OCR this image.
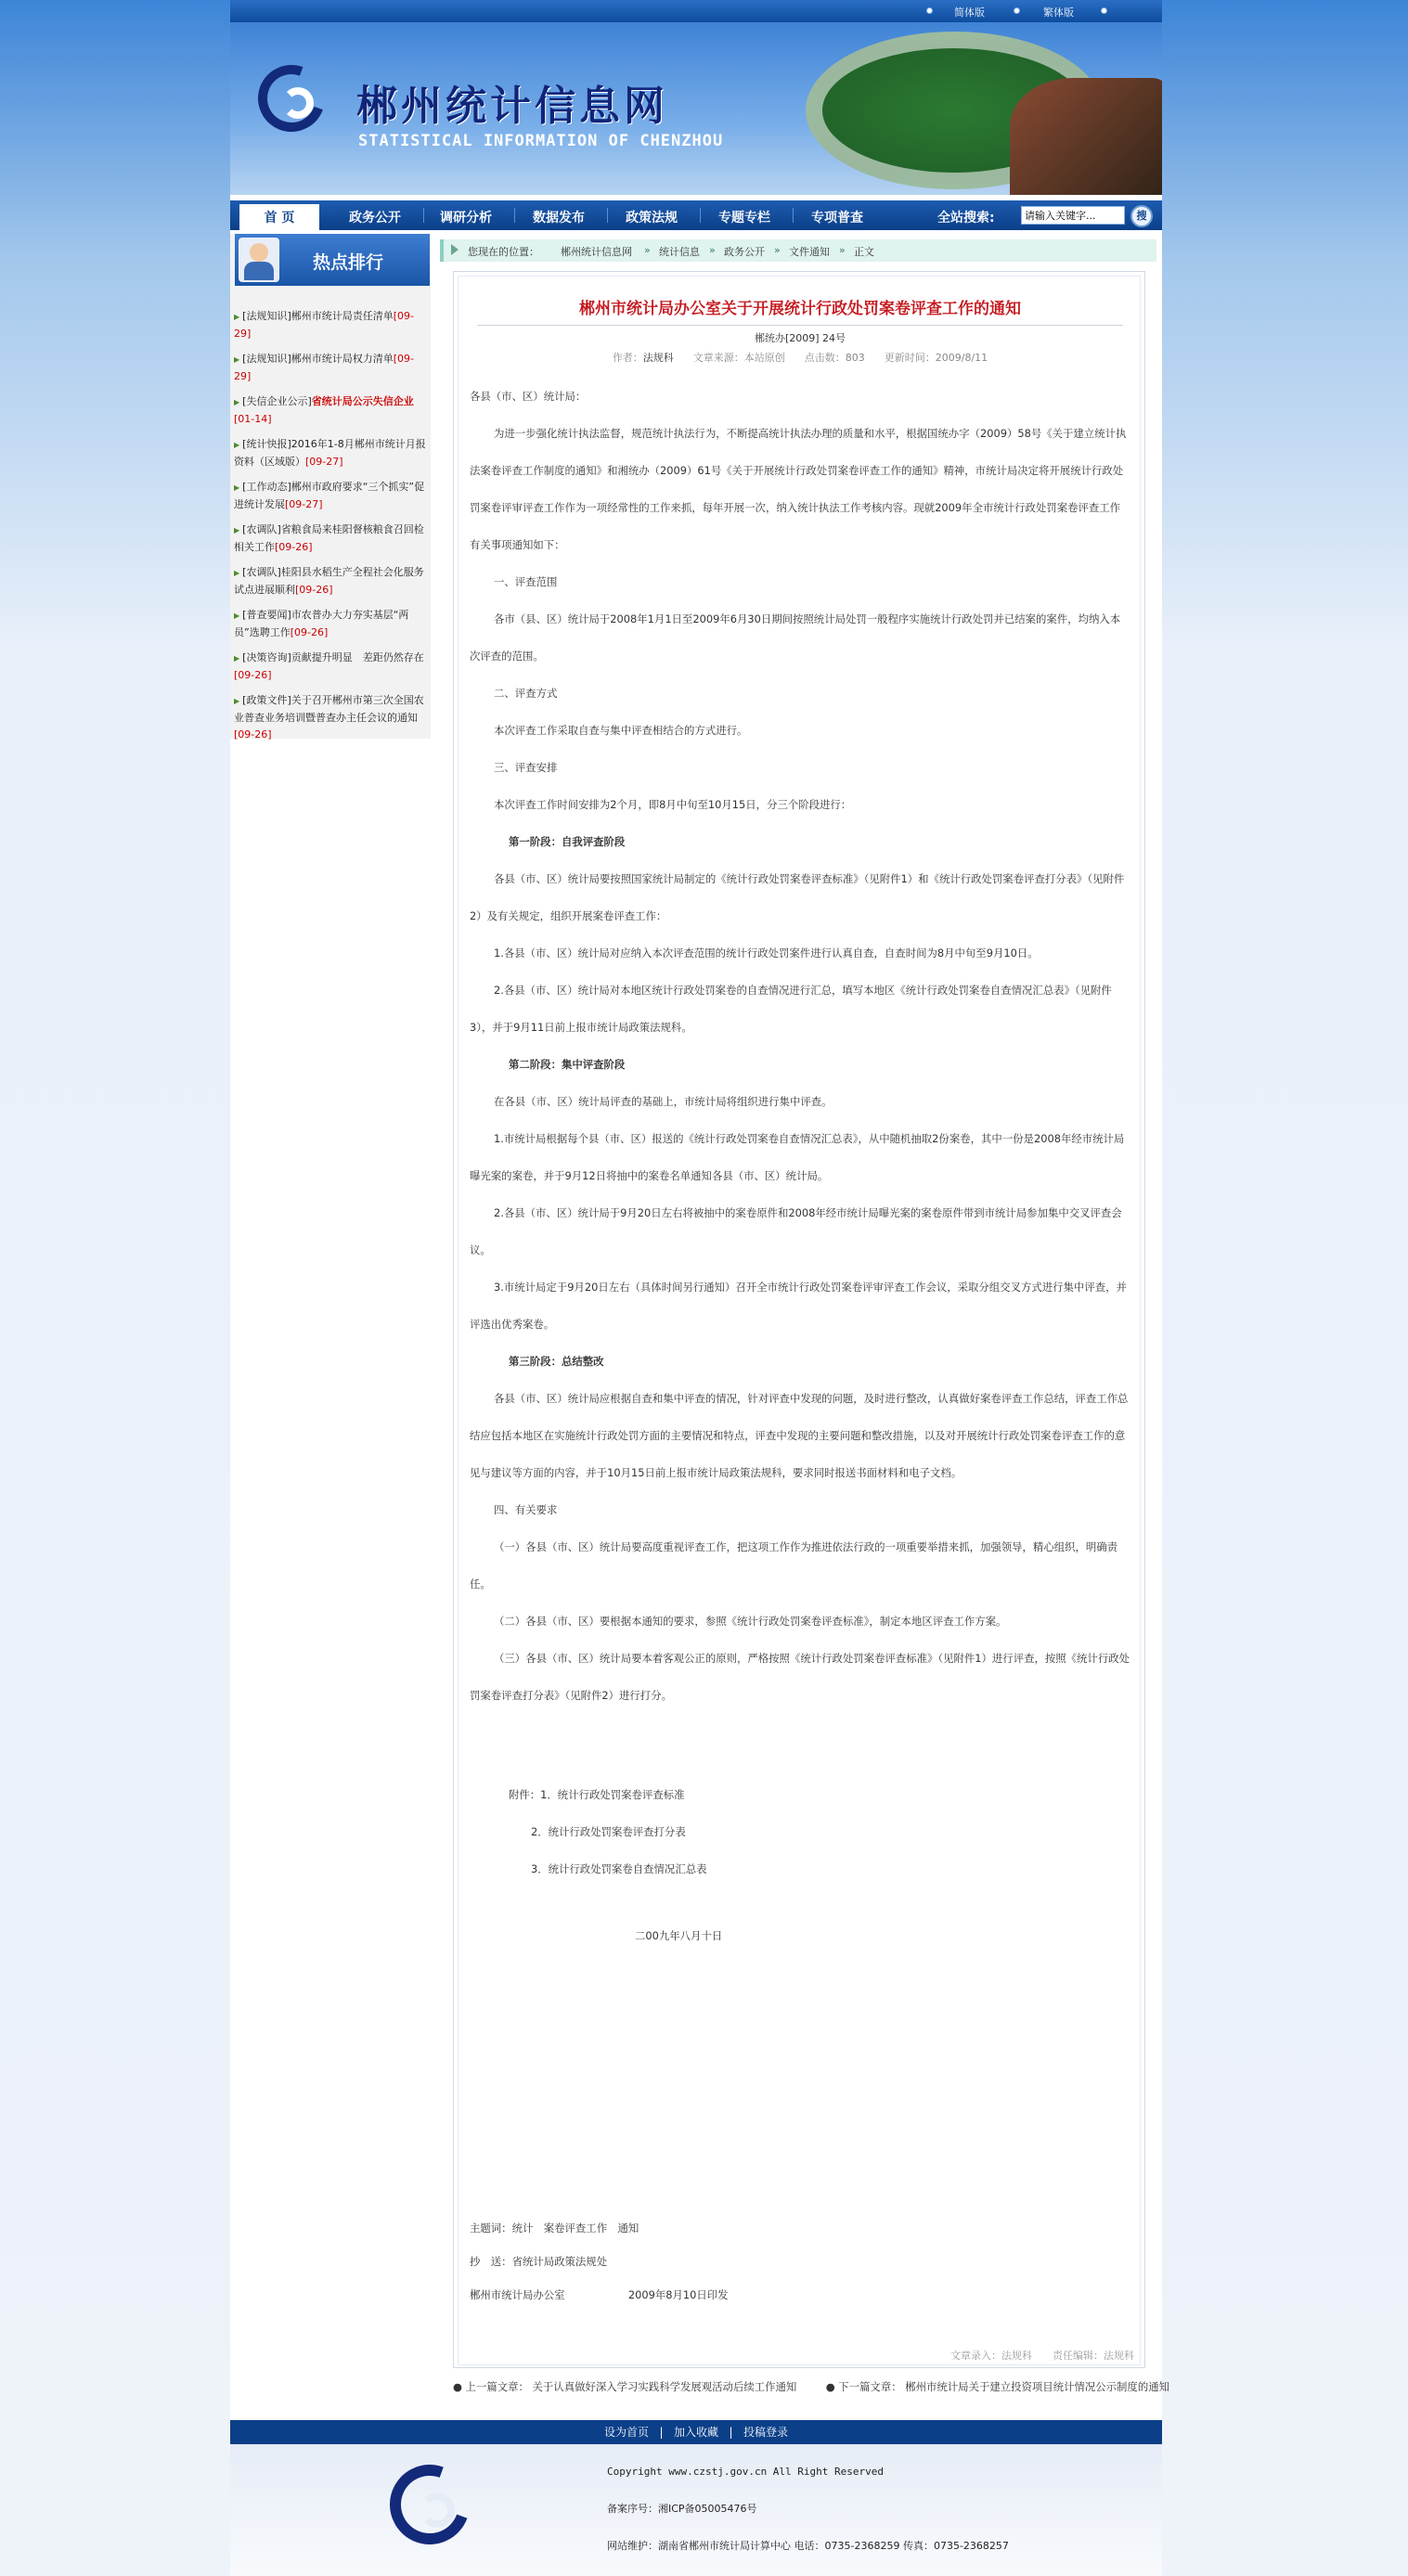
简体版	繁体版
郴州统计信息网
STATISTICAL INFORMATION OF CHENZHOU
首 页	政务公开	调研分析	数据发布	政策法规	专题专栏	专项普查	全站搜索:
请输入关键字...	搜
热点排行
▶ [法规知识]郴州市统计局责任清单[09-29]
▶ [法规知识]郴州市统计局权力清单[09-29]
▶ [失信企业公示]省统计局公示失信企业[01-14]
▶ [统计快报]2016年1-8月郴州市统计月报资料（区域版）[09-27]
▶ [工作动态]郴州市政府要求“三个抓实”促进统计发展[09-27]
▶ [农调队]省粮食局来桂阳督核粮食召回检相关工作[09-26]
▶ [农调队]桂阳县水稻生产全程社会化服务试点进展顺利[09-26]
▶ [普查要闻]市农普办大力夯实基层“两员”选聘工作[09-26]
▶ [决策咨询]贡献提升明显　差距仍然存在[09-26]
▶ [政策文件]关于召开郴州市第三次全国农业普查业务培训暨普查办主任会议的通知[09-26]
您现在的位置： 郴州统计信息网 » 统计信息 » 政务公开 » 文件通知 » 正文
郴州市统计局办公室关于开展统计行政处罚案卷评查工作的通知
郴统办[2009] 24号
作者：法规科 文章来源：本站原创 点击数：803 更新时间：2009/8/11

各县（市、区）统计局：

为进一步强化统计执法监督，规范统计执法行为，不断提高统计执法办理的质量和水平，根据国统办字（2009）58号《关于建立统计执法案卷评查工作制度的通知》和湘统办（2009）61号《关于开展统计行政处罚案卷评查工作的通知》精神，市统计局决定将开展统计行政处罚案卷评审评查工作作为一项经常性的工作来抓，每年开展一次，纳入统计执法工作考核内容。现就2009年全市统计行政处罚案卷评查工作有关事项通知如下：

一、评查范围

各市（县、区）统计局于2008年1月1日至2009年6月30日期间按照统计局处罚一般程序实施统计行政处罚并已结案的案件，均纳入本次评查的范围。

二、评查方式

本次评查工作采取自查与集中评查相结合的方式进行。

三、评查安排

本次评查工作时间安排为2个月，即8月中旬至10月15日，分三个阶段进行：

第一阶段：自我评查阶段

各县（市、区）统计局要按照国家统计局制定的《统计行政处罚案卷评查标准》（见附件1）和《统计行政处罚案卷评查打分表》（见附件2）及有关规定，组织开展案卷评查工作：

1.各县（市、区）统计局对应纳入本次评查范围的统计行政处罚案件进行认真自查，自查时间为8月中旬至9月10日。

2.各县（市、区）统计局对本地区统计行政处罚案卷的自查情况进行汇总，填写本地区《统计行政处罚案卷自查情况汇总表》（见附件3），并于9月11日前上报市统计局政策法规科。

第二阶段：集中评查阶段

在各县（市、区）统计局评查的基础上，市统计局将组织进行集中评查。

1.市统计局根据每个县（市、区）报送的《统计行政处罚案卷自查情况汇总表》，从中随机抽取2份案卷，其中一份是2008年经市统计局曝光案的案卷，并于9月12日将抽中的案卷名单通知各县（市、区）统计局。

2.各县（市、区）统计局于9月20日左右将被抽中的案卷原件和2008年经市统计局曝光案的案卷原件带到市统计局参加集中交叉评查会议。

3.市统计局定于9月20日左右（具体时间另行通知）召开全市统计行政处罚案卷评审评查工作会议，采取分组交叉方式进行集中评查，并评选出优秀案卷。

第三阶段：总结整改

各县（市、区）统计局应根据自查和集中评查的情况，针对评查中发现的问题，及时进行整改，认真做好案卷评查工作总结，评查工作总结应包括本地区在实施统计行政处罚方面的主要情况和特点，评查中发现的主要问题和整改措施，以及对开展统计行政处罚案卷评查工作的意见与建议等方面的内容，并于10月15日前上报市统计局政策法规科，要求同时报送书面材料和电子文档。

四、有关要求

（一）各县（市、区）统计局要高度重视评查工作，把这项工作作为推进依法行政的一项重要举措来抓，加强领导，精心组织，明确责任。

（二）各县（市、区）要根据本通知的要求，参照《统计行政处罚案卷评查标准》，制定本地区评查工作方案。

（三）各县（市、区）统计局要本着客观公正的原则，严格按照《统计行政处罚案卷评查标准》（见附件1）进行评查，按照《统计行政处罚案卷评查打分表》（见附件2）进行打分。

附件：1．统计行政处罚案卷评查标准

2．统计行政处罚案卷评查打分表

3．统计行政处罚案卷自查情况汇总表

二00九年八月十日

主题词：统计　案卷评查工作　通知

抄　送：省统计局政策法规处

郴州市统计局办公室　　　　　　2009年8月10日印发

文章录入：法规科　　责任编辑：法规科
● 上一篇文章： 关于认真做好深入学习实践科学发展观活动后续工作通知	● 下一篇文章： 郴州市统计局关于建立投资项目统计情况公示制度的通知
设为首页   |   加入收藏   |   投稿登录

Copyright www.czstj.gov.cn All Right Reserved

备案序号：湘ICP备05005476号

网站维护：湖南省郴州市统计局计算中心 电话：0735-2368259 传真：0735-2368257
